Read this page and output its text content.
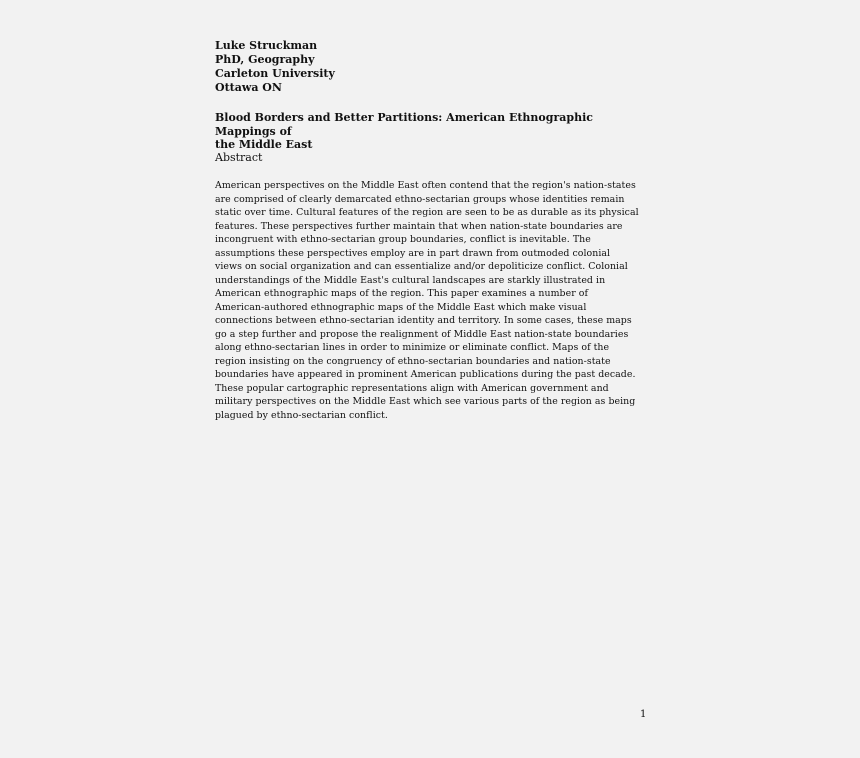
Luke Struckman
PhD, Geography
Carleton University
Ottawa ON
Blood Borders and Better Partitions: American Ethnographic Mappings of
the Middle East
Abstract
American perspectives on the Middle East often contend that the region's nation-states
are comprised of clearly demarcated ethno-sectarian groups whose identities remain
static over time. Cultural features of the region are seen to be as durable as its physical
features. These perspectives further maintain that when nation-state boundaries are
incongruent with ethno-sectarian group boundaries, conflict is inevitable. The
assumptions these perspectives employ are in part drawn from outmoded colonial
views on social organization and can essentialize and/or depoliticize conflict. Colonial
understandings of the Middle East's cultural landscapes are starkly illustrated in
American ethnographic maps of the region. This paper examines a number of
American-authored ethnographic maps of the Middle East which make visual
connections between ethno-sectarian identity and territory. In some cases, these maps
go a step further and propose the realignment of Middle East nation-state boundaries
along ethno-sectarian lines in order to minimize or eliminate conflict. Maps of the
region insisting on the congruency of ethno-sectarian boundaries and nation-state
boundaries have appeared in prominent American publications during the past decade.
These popular cartographic representations align with American government and
military perspectives on the Middle East which see various parts of the region as being
plagued by ethno-sectarian conflict.
1
